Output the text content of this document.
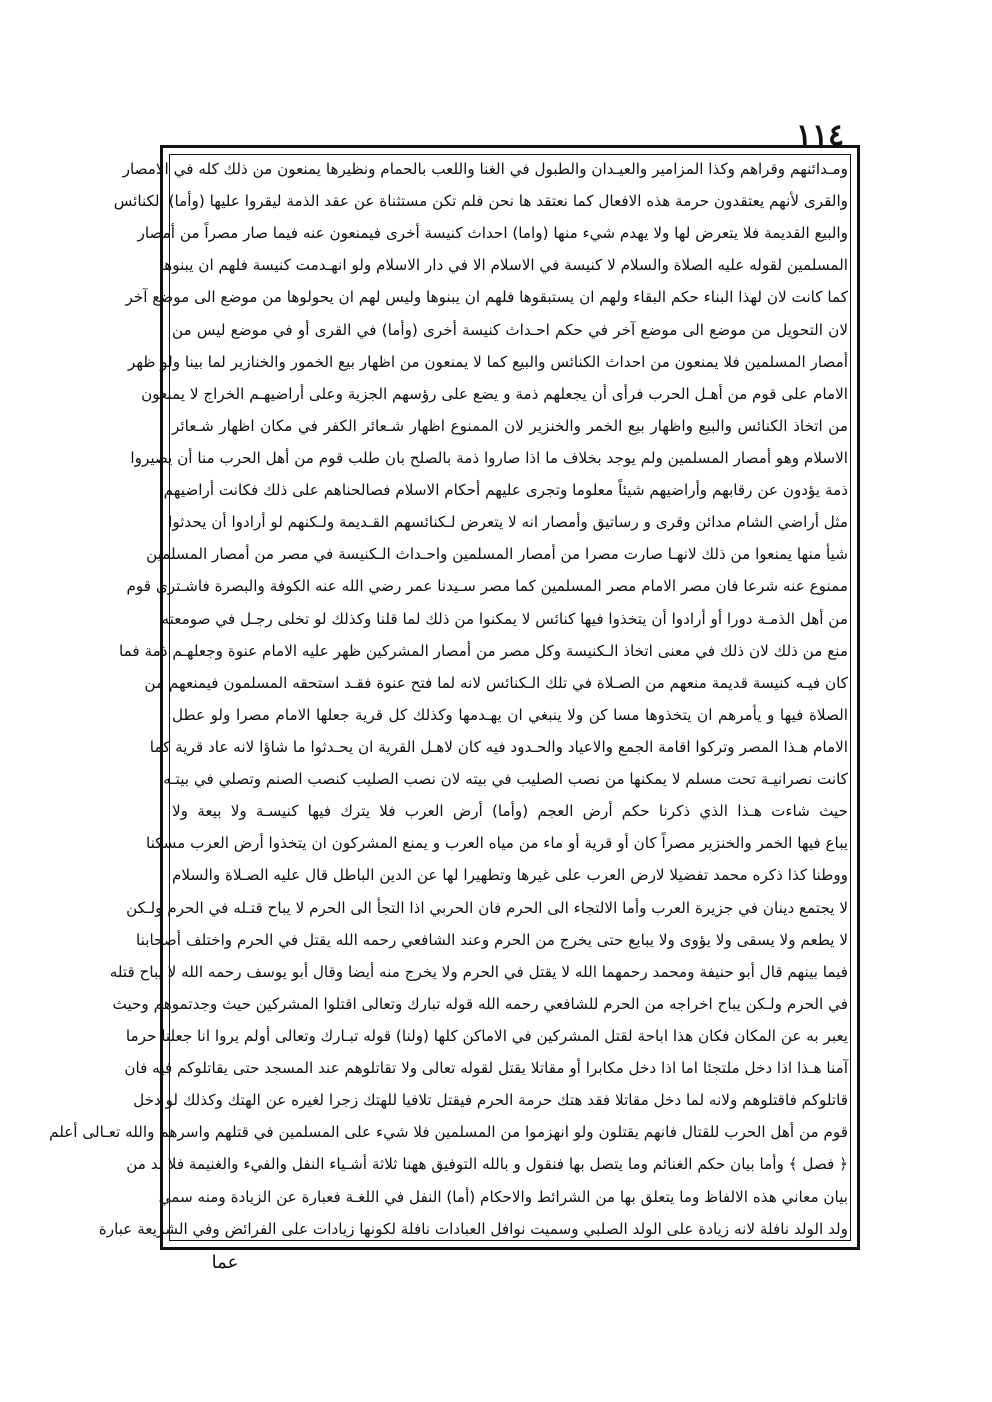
١١٤
ومـدائنهم وقراهم وكذا المزامير والعيـدان والطبول في الغنا واللعب بالحمام ونظيرها يمنعون من ذلك كله في الامصار
والقرى لأنهم يعتقدون حرمة هذه الافعال كما نعتقد ها نحن فلم تكن مستثناة عن عقد الذمة ليقروا عليها (وأما) الكنائس
والبيع القديمة فلا يتعرض لها ولا يهدم شيء منها (واما) احداث كنيسة أخرى فيمنعون عنه فيما صار مصراً من أمصار
المسلمين لقوله عليه الصلاة والسلام لا كنيسة في الاسلام الا في دار الاسلام ولو انهـدمت كنيسة فلهم ان يبنوها
كما كانت لان لهذا البناء حكم البقاء ولهم ان يستبقوها فلهم ان يبنوها وليس لهم ان يحولوها من موضع الى موضع آخر
لان التحويل من موضع الى موضع آخر في حكم احـداث كنيسة أخرى (وأما) في القرى أو في موضع ليس من
أمصار المسلمين فلا يمنعون من احداث الكنائس والبيع كما لا يمنعون من اظهار بيع الخمور والخنازير لما بينا ولو ظهر
الامام على قوم من أهـل الحرب فرأى أن يجعلهم ذمة و يضع على رؤسهم الجزية وعلى أراضيهـم الخراج لا يمنعون
من اتخاذ الكنائس والبيع واظهار بيع الخمر والخنزير لان الممنوع اظهار شـعائر الكفر في مكان اظهار شـعائر
الاسلام وهو أمصار المسلمين ولم يوجد بخلاف ما اذا صاروا ذمة بالصلح بان طلب قوم من أهل الحرب منا أن يصيروا
ذمة يؤدون عن رقابهم وأراضيهم شيئاً معلوما وتجرى عليهم أحكام الاسلام فصالحناهم على ذلك فكانت أراضيهم
مثل أراضي الشام مدائن وقرى و رساتيق وأمصار انه لا يتعرض لـكنائسهم القـديمة ولـكنهم لو أرادوا أن يحدثوا
شيأ منها يمنعوا من ذلك لانهـا صارت مصرا من أمصار المسلمين واحـداث الـكنيسة في مصر من أمصار المسلمين
ممنوع عنه شرعا فان مصر الامام مصر المسلمين كما مصر سـيدنا عمر رضي الله عنه الكوفة والبصرة فاشـترى قوم
من أهل الذمـة دورا أو أرادوا أن يتخذوا فيها كنائس لا يمكنوا من ذلك لما قلنا وكذلك لو تخلى رجـل في صومعته
منع من ذلك لان ذلك في معنى اتخاذ الـكنيسة وكل مصر من أمصار المشركين ظهر عليه الامام عنوة وجعلهـم ذمة فما
كان فيـه كنيسة قديمة منعهم من الصـلاة في تلك الـكنائس لانه لما فتح عنوة فقـد استحقه المسلمون فيمنعهم من
الصلاة فيها و يأمرهم ان يتخذوها مسا كن ولا ينبغي ان يهـدمها وكذلك كل قرية جعلها الامام مصرا ولو عطل
الامام هـذا المصر وتركوا اقامة الجمع والاعياد والحـدود فيه كان لاهـل القرية ان يحـدثوا ما شاؤا لانه عاد قرية كما
كانت نصرانيـة تحت مسلم لا يمكنها من نصب الصليب في بيته لان نصب الصليب كنصب الصنم وتصلي في بيتـه
حيث شاءت هـذا الذي ذكرنا حكم أرض العجم (وأما) أرض العرب فلا يترك فيها كنيسـة ولا بيعة ولا
يباع فيها الخمر والخنزير مصراً كان أو قرية أو ماء من مياه العرب و يمنع المشركون ان يتخذوا أرض العرب مسكنا
ووطنا كذا ذكره محمد تفضيلا لارض العرب على غيرها وتطهيرا لها عن الدين الباطل قال عليه الصـلاة والسلام
لا يجتمع دينان في جزيرة العرب وأما الالتجاء الى الحرم فان الحربي اذا التجأ الى الحرم لا يباح قتـله في الحرم ولـكن
لا يطعم ولا يسقى ولا يؤوى ولا يبايع حتى يخرج من الحرم وعند الشافعي رحمه الله يقتل في الحرم واختلف أصحابنا
فيما بينهم قال أبو حنيفة ومحمد رحمهما الله لا يقتل في الحرم ولا يخرج منه أيضا وقال أبو يوسف رحمه الله لا يباح قتله
في الحرم ولـكن يباح اخراجه من الحرم للشافعي رحمه الله قوله تبارك وتعالى اقتلوا المشركين حيث وجدتموهم وحيث
يعبر به عن المكان فكان هذا اباحة لقتل المشركين في الاماكن كلها (ولنا) قوله تبـارك وتعالى أولم يروا انا جعلنا حرما
آمنا هـذا اذا دخل ملتجئا اما اذا دخل مكابرا أو مقاتلا يقتل لقوله تعالى ولا تقاتلوهم عند المسجد حتى يقاتلوكم فيه فان
قاتلوكم فاقتلوهم ولانه لما دخل مقاتلا فقد هتك حرمة الحرم فيقتل تلافيا للهتك زجرا لغيره عن الهتك وكذلك لو دخل
قوم من أهل الحرب للقتال فانهم يقتلون ولو انهزموا من المسلمين فلا شيء على المسلمين في قتلهم واسرهم والله تعـالى أعلم
﴿ فصل ﴾ وأما بيان حكم الغنائم وما يتصل بها فنقول و بالله التوفيق ههنا ثلاثة أشـياء النفل والفيء والغنيمة فلا بد من
بيان معاني هذه الالفاظ وما يتعلق بها من الشرائط والاحكام (أما) النفل في اللغـة فعبارة عن الزيادة ومنه سمي
ولد الولد نافلة لانه زيادة على الولد الصلبي وسميت نوافل العبادات نافلة لكونها زيادات على الفرائض وفي الشريعة عبارة
عما
